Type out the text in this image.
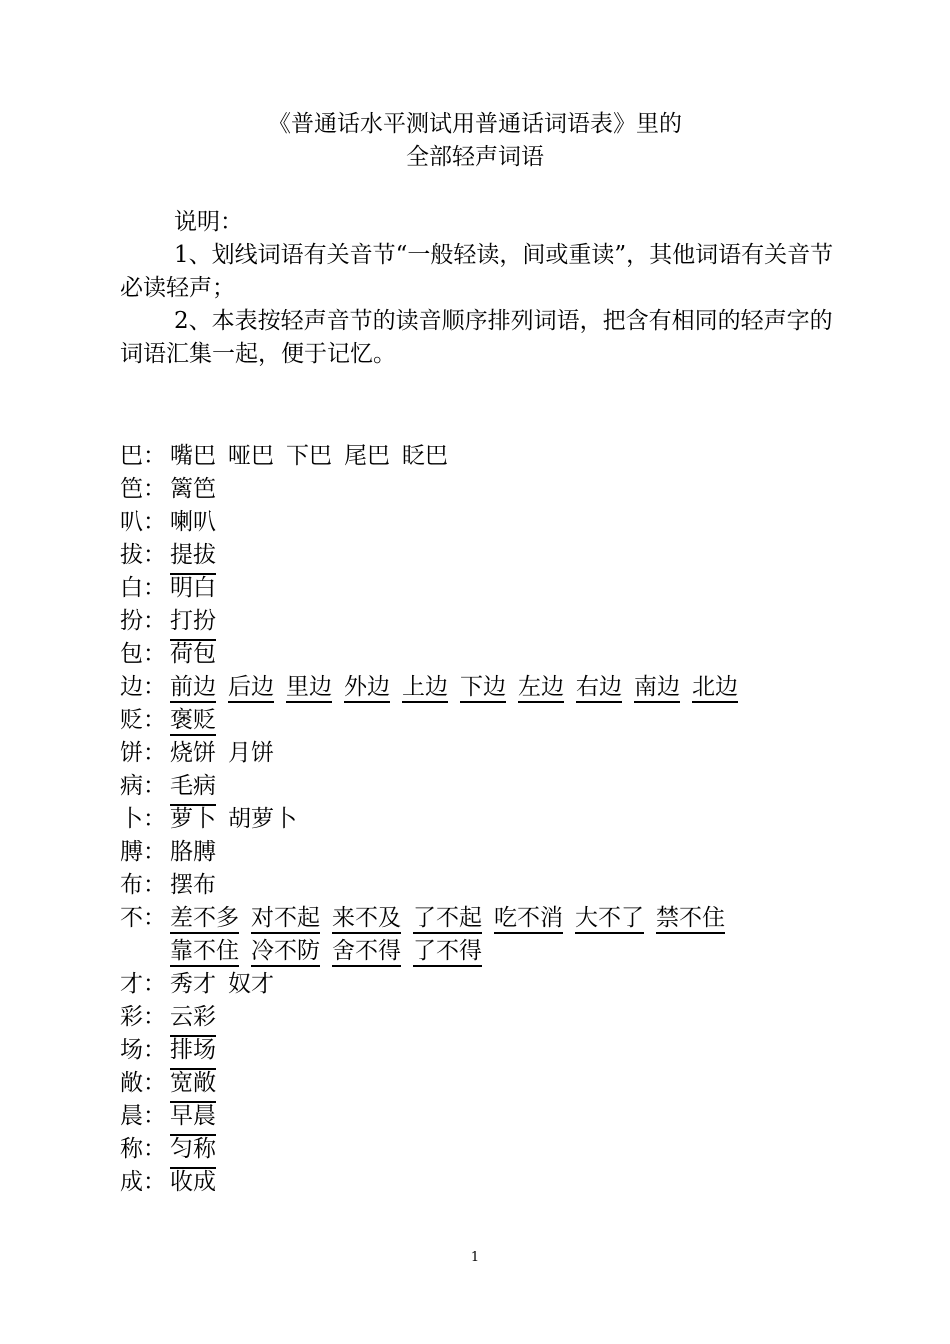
《普通话水平测试用普通话词语表》里的
全部轻声词语

说明：

1、划线词语有关音节“一般轻读，间或重读”，其他词语有关音节必读轻声；

2、本表按轻声音节的读音顺序排列词语，把含有相同的轻声字的词语汇集一起，便于记忆。

巴： 嘴巴 哑巴 下巴 尾巴 眨巴
笆： 篱笆
叭： 喇叭
拔： 提拔
白： 明白
扮： 打扮
包： 荷包
边： 前边 后边 里边 外边 上边 下边 左边 右边 南边 北边
贬： 褒贬
饼： 烧饼 月饼
病： 毛病
卜： 萝卜 胡萝卜
膊： 胳膊
布： 摆布
不： 差不多 对不起 来不及 了不起 吃不消 大不了 禁不住
靠不住 冷不防 舍不得 了不得
才： 秀才 奴才
彩： 云彩
场： 排场
敞： 宽敞
晨： 早晨
称： 匀称
成： 收成
1
